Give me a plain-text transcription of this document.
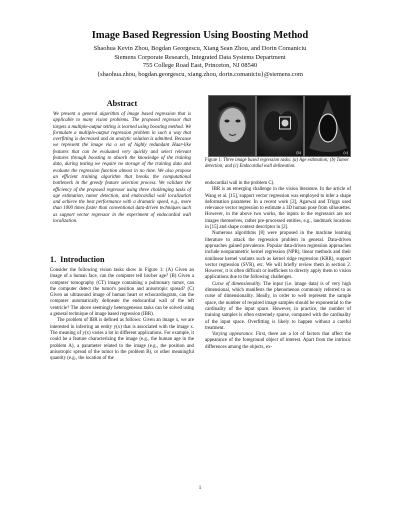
Image Based Regression Using Boosting Method
Shaohua Kevin Zhou, Bogdan Georgescu, Xiang Sean Zhou, and Dorin Comaniciu
Siemens Corporate Research, Integrated Data Systems Department
755 College Road East, Princeton, NJ 08540
{shaohua.zhou, bogdan.georgescu, xiang.zhou, dorin.comaniciu}@siemens.com
Abstract

We present a general algorithm of image based regression that is applicable to many vision problems. The proposed regressor that targets a multiple-output setting is learned using boosting method. We formulate a multiple-output regression problem in such a way that overfitting is decreased and an analytic solution is admitted. Because we represent the image via a set of highly redundant Haar-like features that can be evaluated very quickly and select relevant features through boosting to absorb the knowledge of the training data, during testing we require no storage of the training data and evaluate the regression function almost in no time. We also propose an efficient training algorithm that breaks the computational bottleneck in the greedy feature selection process. We validate the efficiency of the proposed regressor using three challenging tasks of age estimation, tumor detection, and endocardial wall localization and achieve the best performance with a dramatic speed, e.g., more than 1000 times faster than conventional data-driven techniques such as support vector regressor in the experiment of endocardial wall localization.

1. Introduction

Consider the following vision tasks show in Figure 1: (A) Given an image of a human face, can the computer tell his/her age? (B) Given a computer tomography (CT) image containing a pulmonary tumor, can the computer detect the tumor's position and anisotropic spread? (C) Given an ultrasound image of human heart or echocardiogram, can the computer automatically delineate the endocardial wall of the left ventricle? The above seemingly heterogeneous tasks can be solved using a general technique of image based regression (IBR).

The problem of IBR is defined as follows: Given an image x, we are interested in inferring an entity y(x) that is associated with the image x. The meaning of y(x) varies a lot in different applications. For example, it could be a feature characterizing the image (e.g., the human age in the problem A), a parameter related to the image (e.g., the position and anisotropic spread of the tumor in the problem B), or other meaningful quantity (e.g., the location of the

(a)	(b)	(c)
Figure 1: Three image based regression tasks: (a) Age estimation; (b) Tumor detection; and (c) Endocardial wall delineation.

endocardial wall in the problem C).

IBR is an emerging challenge in the vision literature. In the article of Wang et al. [15], support vector regression was employed to infer a shape deformation parameter. In a recent work [2], Agarwal and Triggs used relevance vector regression to estimate a 3D human pose from silhouettes. However, in the above two works, the inputs to the regressors are not images themselves, rather pre-processed entities, e.g., landmark locations in [15] and shape context descriptor in [2].

Numerous algorithms [8] were proposed in the machine learning literature to attack the regression problem in general. Data-driven approaches gained prevalence. Popular data-driven regression approaches include nonparametric kernel regression (NPR), linear methods and their nonlinear kernel variants such as kernel ridge regression (KRR), support vector regression (SVR), etc. We will briefly review them in section 2. However, it is often difficult or inefficient to directly apply them to vision applications due to the following challenges.

Curse of dimensionality. The input (i.e. image data) is of very high dimensional, which manifests the phenomenon commonly referred to as curse of dimensionality. Ideally, in order to well represent the sample space, the number of required image samples should be exponential to the cardinality of the input space. However, in practice, the number of training samples is often extremely sparse, compared with the cardinality of the input space. Overfitting is likely to happen without a careful treatment.

Varying appearance. First, there are a lot of factors that affect the appearance of the foreground object of interest. Apart from the intrinsic differences among the objects, ex-

1
